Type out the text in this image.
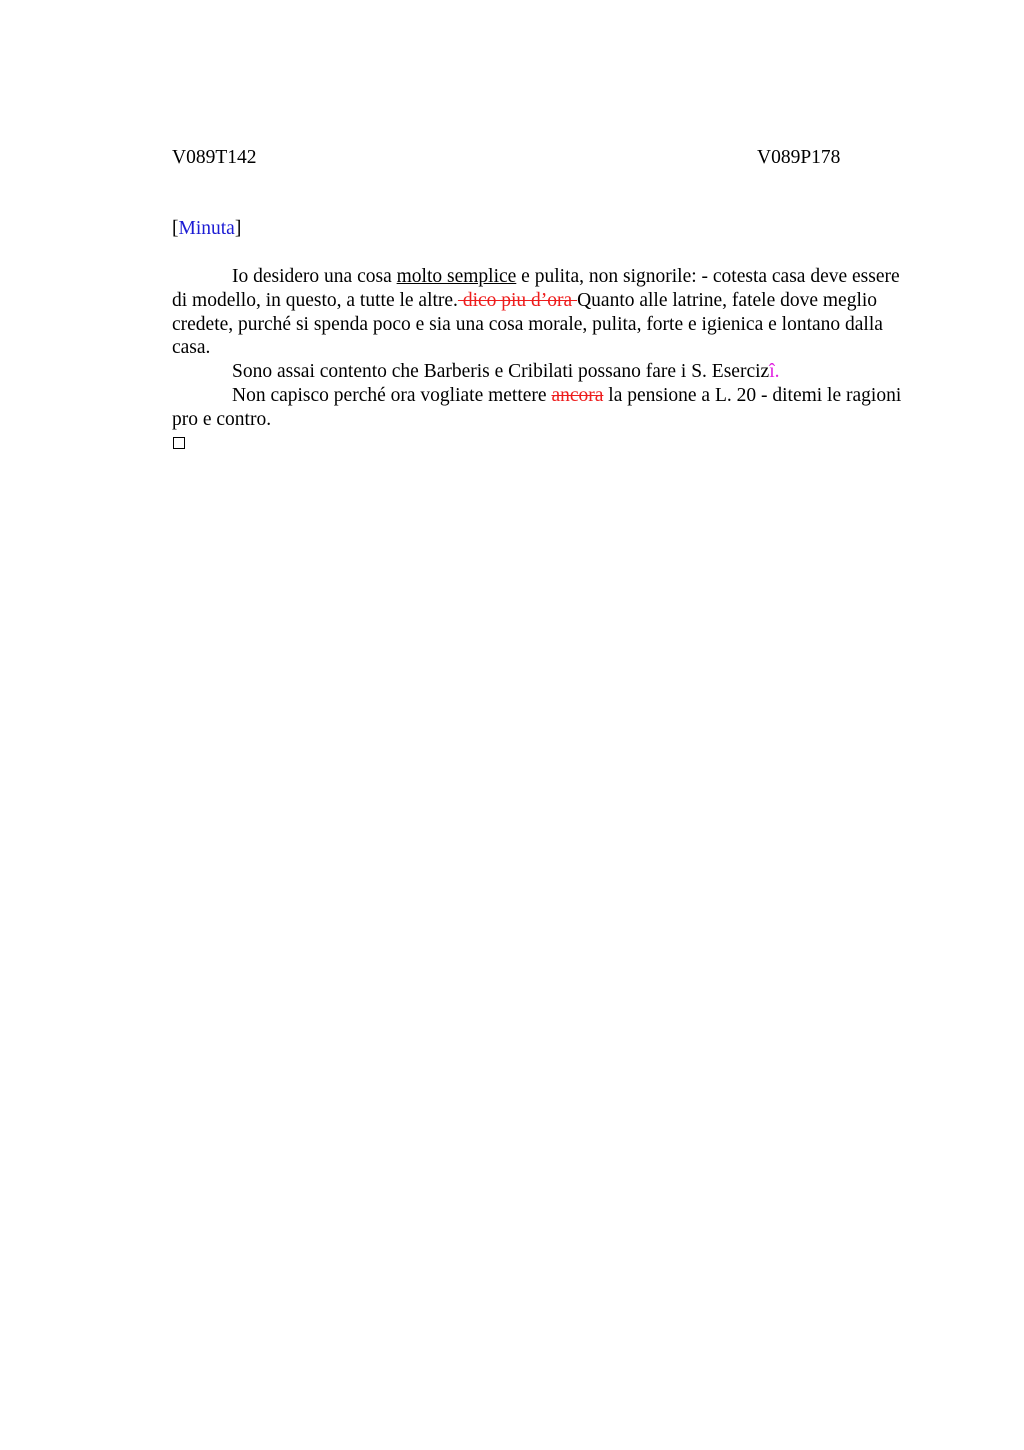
V089T142	V089P178
[Minuta]

Io desidero una cosa molto semplice e pulita, non signorile: - cotesta casa deve essere di modello, in questo, a tutte le altre. dico piu d’ora Quanto alle latrine, fatele dove meglio credete, purché si spenda poco e sia una cosa morale, pulita, forte e igienica e lontano dalla casa.

Sono assai contento che Barberis e Cribilati possano fare i S. Esercizî.

Non capisco perché ora vogliate mettere ancora la pensione a L. 20 - ditemi le ragioni pro e contro.
